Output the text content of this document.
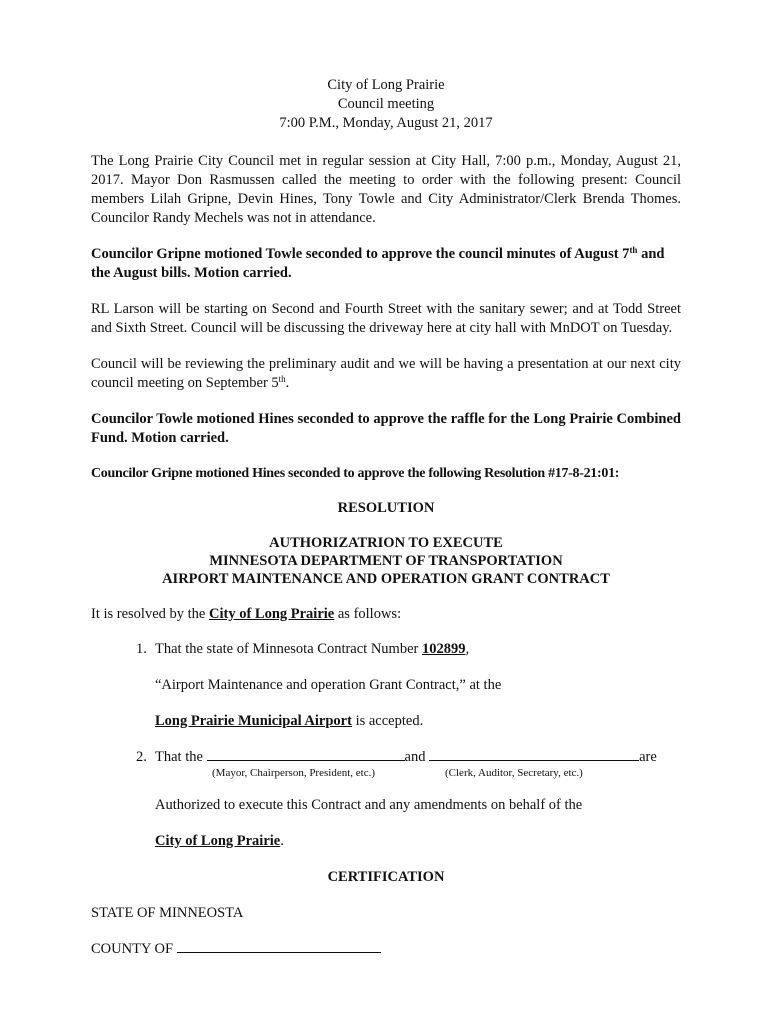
City of Long Prairie
Council meeting
7:00 P.M., Monday, August 21, 2017

The Long Prairie City Council met in regular session at City Hall, 7:00 p.m., Monday, August 21, 2017. Mayor Don Rasmussen called the meeting to order with the following present: Council members Lilah Gripne, Devin Hines, Tony Towle and City Administrator/Clerk Brenda Thomes. Councilor Randy Mechels was not in attendance.

Councilor Gripne motioned Towle seconded to approve the council minutes of August 7th and the August bills. Motion carried.

RL Larson will be starting on Second and Fourth Street with the sanitary sewer; and at Todd Street and Sixth Street. Council will be discussing the driveway here at city hall with MnDOT on Tuesday.

Council will be reviewing the preliminary audit and we will be having a presentation at our next city council meeting on September 5th.

Councilor Towle motioned Hines seconded to approve the raffle for the Long Prairie Combined Fund. Motion carried.

Councilor Gripne motioned Hines seconded to approve the following Resolution #17-8-21:01:

RESOLUTION

AUTHORIZATRION TO EXECUTE
MINNESOTA DEPARTMENT OF TRANSPORTATION
AIRPORT MAINTENANCE AND OPERATION GRANT CONTRACT

It is resolved by the City of Long Prairie as follows:

1. That the state of Minnesota Contract Number 102899,

“Airport Maintenance and operation Grant Contract,” at the

Long Prairie Municipal Airport is accepted.

2. That the	and	are

(Mayor, Chairperson, President, etc.)	(Clerk, Auditor, Secretary, etc.)

Authorized to execute this Contract and any amendments on behalf of the

City of Long Prairie.

CERTIFICATION

STATE OF MINNEOSTA

COUNTY OF
